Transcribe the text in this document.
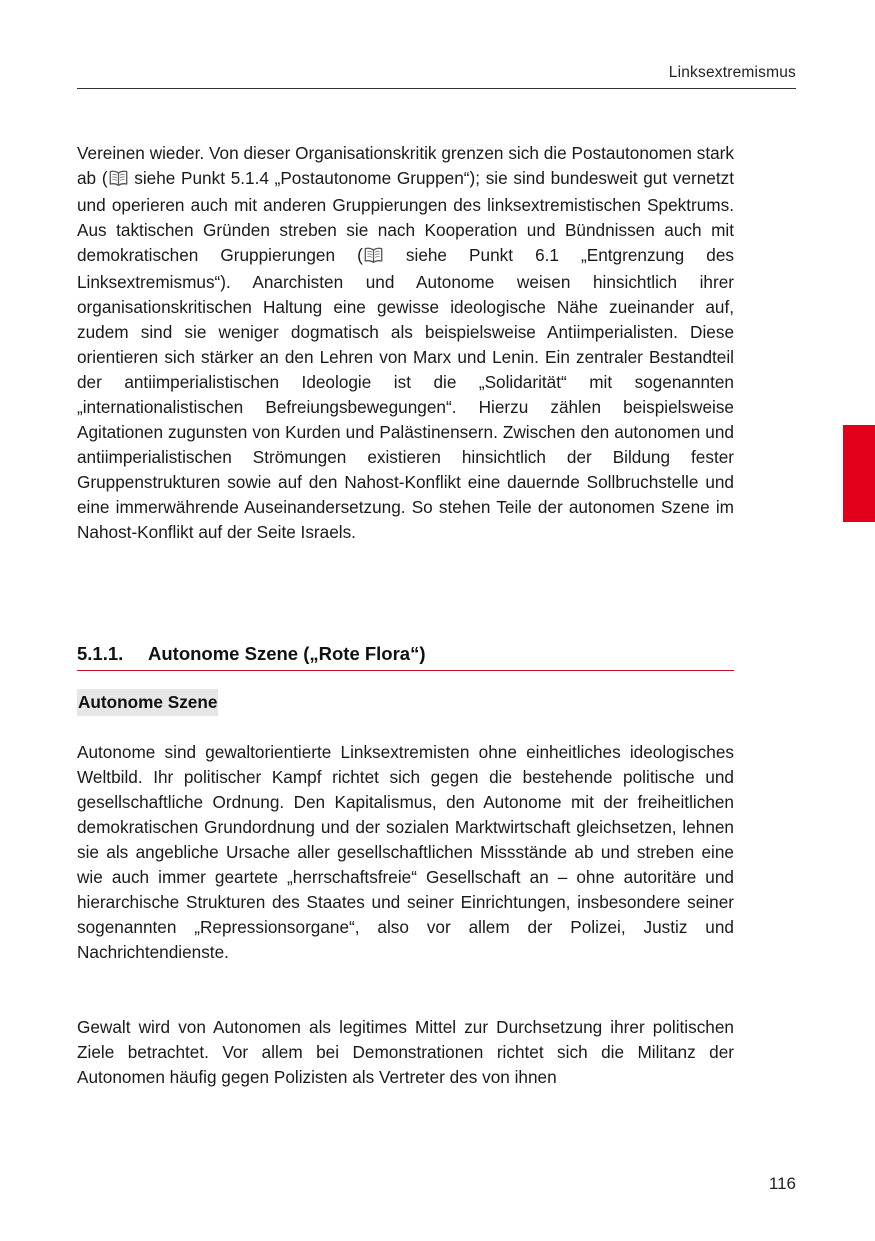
Linksextremismus

Vereinen wieder. Von dieser Organisationskritik grenzen sich die Postautonomen stark ab ( siehe Punkt 5.1.4 „Postautonome Gruppen“); sie sind bundesweit gut vernetzt und operieren auch mit anderen Gruppierungen des linksextremistischen Spektrums. Aus taktischen Gründen streben sie nach Kooperation und Bündnissen auch mit demokratischen Gruppierungen ( siehe Punkt 6.1 „Entgrenzung des Linksextremismus“). Anarchisten und Autonome weisen hinsichtlich ihrer organisationskritischen Haltung eine gewisse ideologische Nähe zueinander auf, zudem sind sie weniger dogmatisch als beispielsweise Antiimperialisten. Diese orientieren sich stärker an den Lehren von Marx und Lenin. Ein zentraler Bestandteil der antiimperialistischen Ideologie ist die „Solidarität“ mit sogenannten „internationalistischen Befreiungsbewegungen“. Hierzu zählen beispielsweise Agitationen zugunsten von Kurden und Palästinensern. Zwischen den autonomen und antiimperialistischen Strömungen existieren hinsichtlich der Bildung fester Gruppenstrukturen sowie auf den Nahost-Konflikt eine dauernde Sollbruchstelle und eine immerwährende Auseinandersetzung. So stehen Teile der autonomen Szene im Nahost-Konflikt auf der Seite Israels.

5.1.1. Autonome Szene („Rote Flora“)
Autonome Szene

Autonome sind gewaltorientierte Linksextremisten ohne einheitliches ideologisches Weltbild. Ihr politischer Kampf richtet sich gegen die bestehende politische und gesellschaftliche Ordnung. Den Kapitalismus, den Autonome mit der freiheitlichen demokratischen Grundordnung und der sozialen Marktwirtschaft gleichsetzen, lehnen sie als angebliche Ursache aller gesellschaftlichen Missstände ab und streben eine wie auch immer geartete „herrschaftsfreie“ Gesellschaft an – ohne autoritäre und hierarchische Strukturen des Staates und seiner Einrichtungen, insbesondere seiner sogenannten „Repressionsorgane“, also vor allem der Polizei, Justiz und Nachrichtendienste.

Gewalt wird von Autonomen als legitimes Mittel zur Durchsetzung ihrer politischen Ziele betrachtet. Vor allem bei Demonstrationen richtet sich die Militanz der Autonomen häufig gegen Polizisten als Vertreter des von ihnen

116
